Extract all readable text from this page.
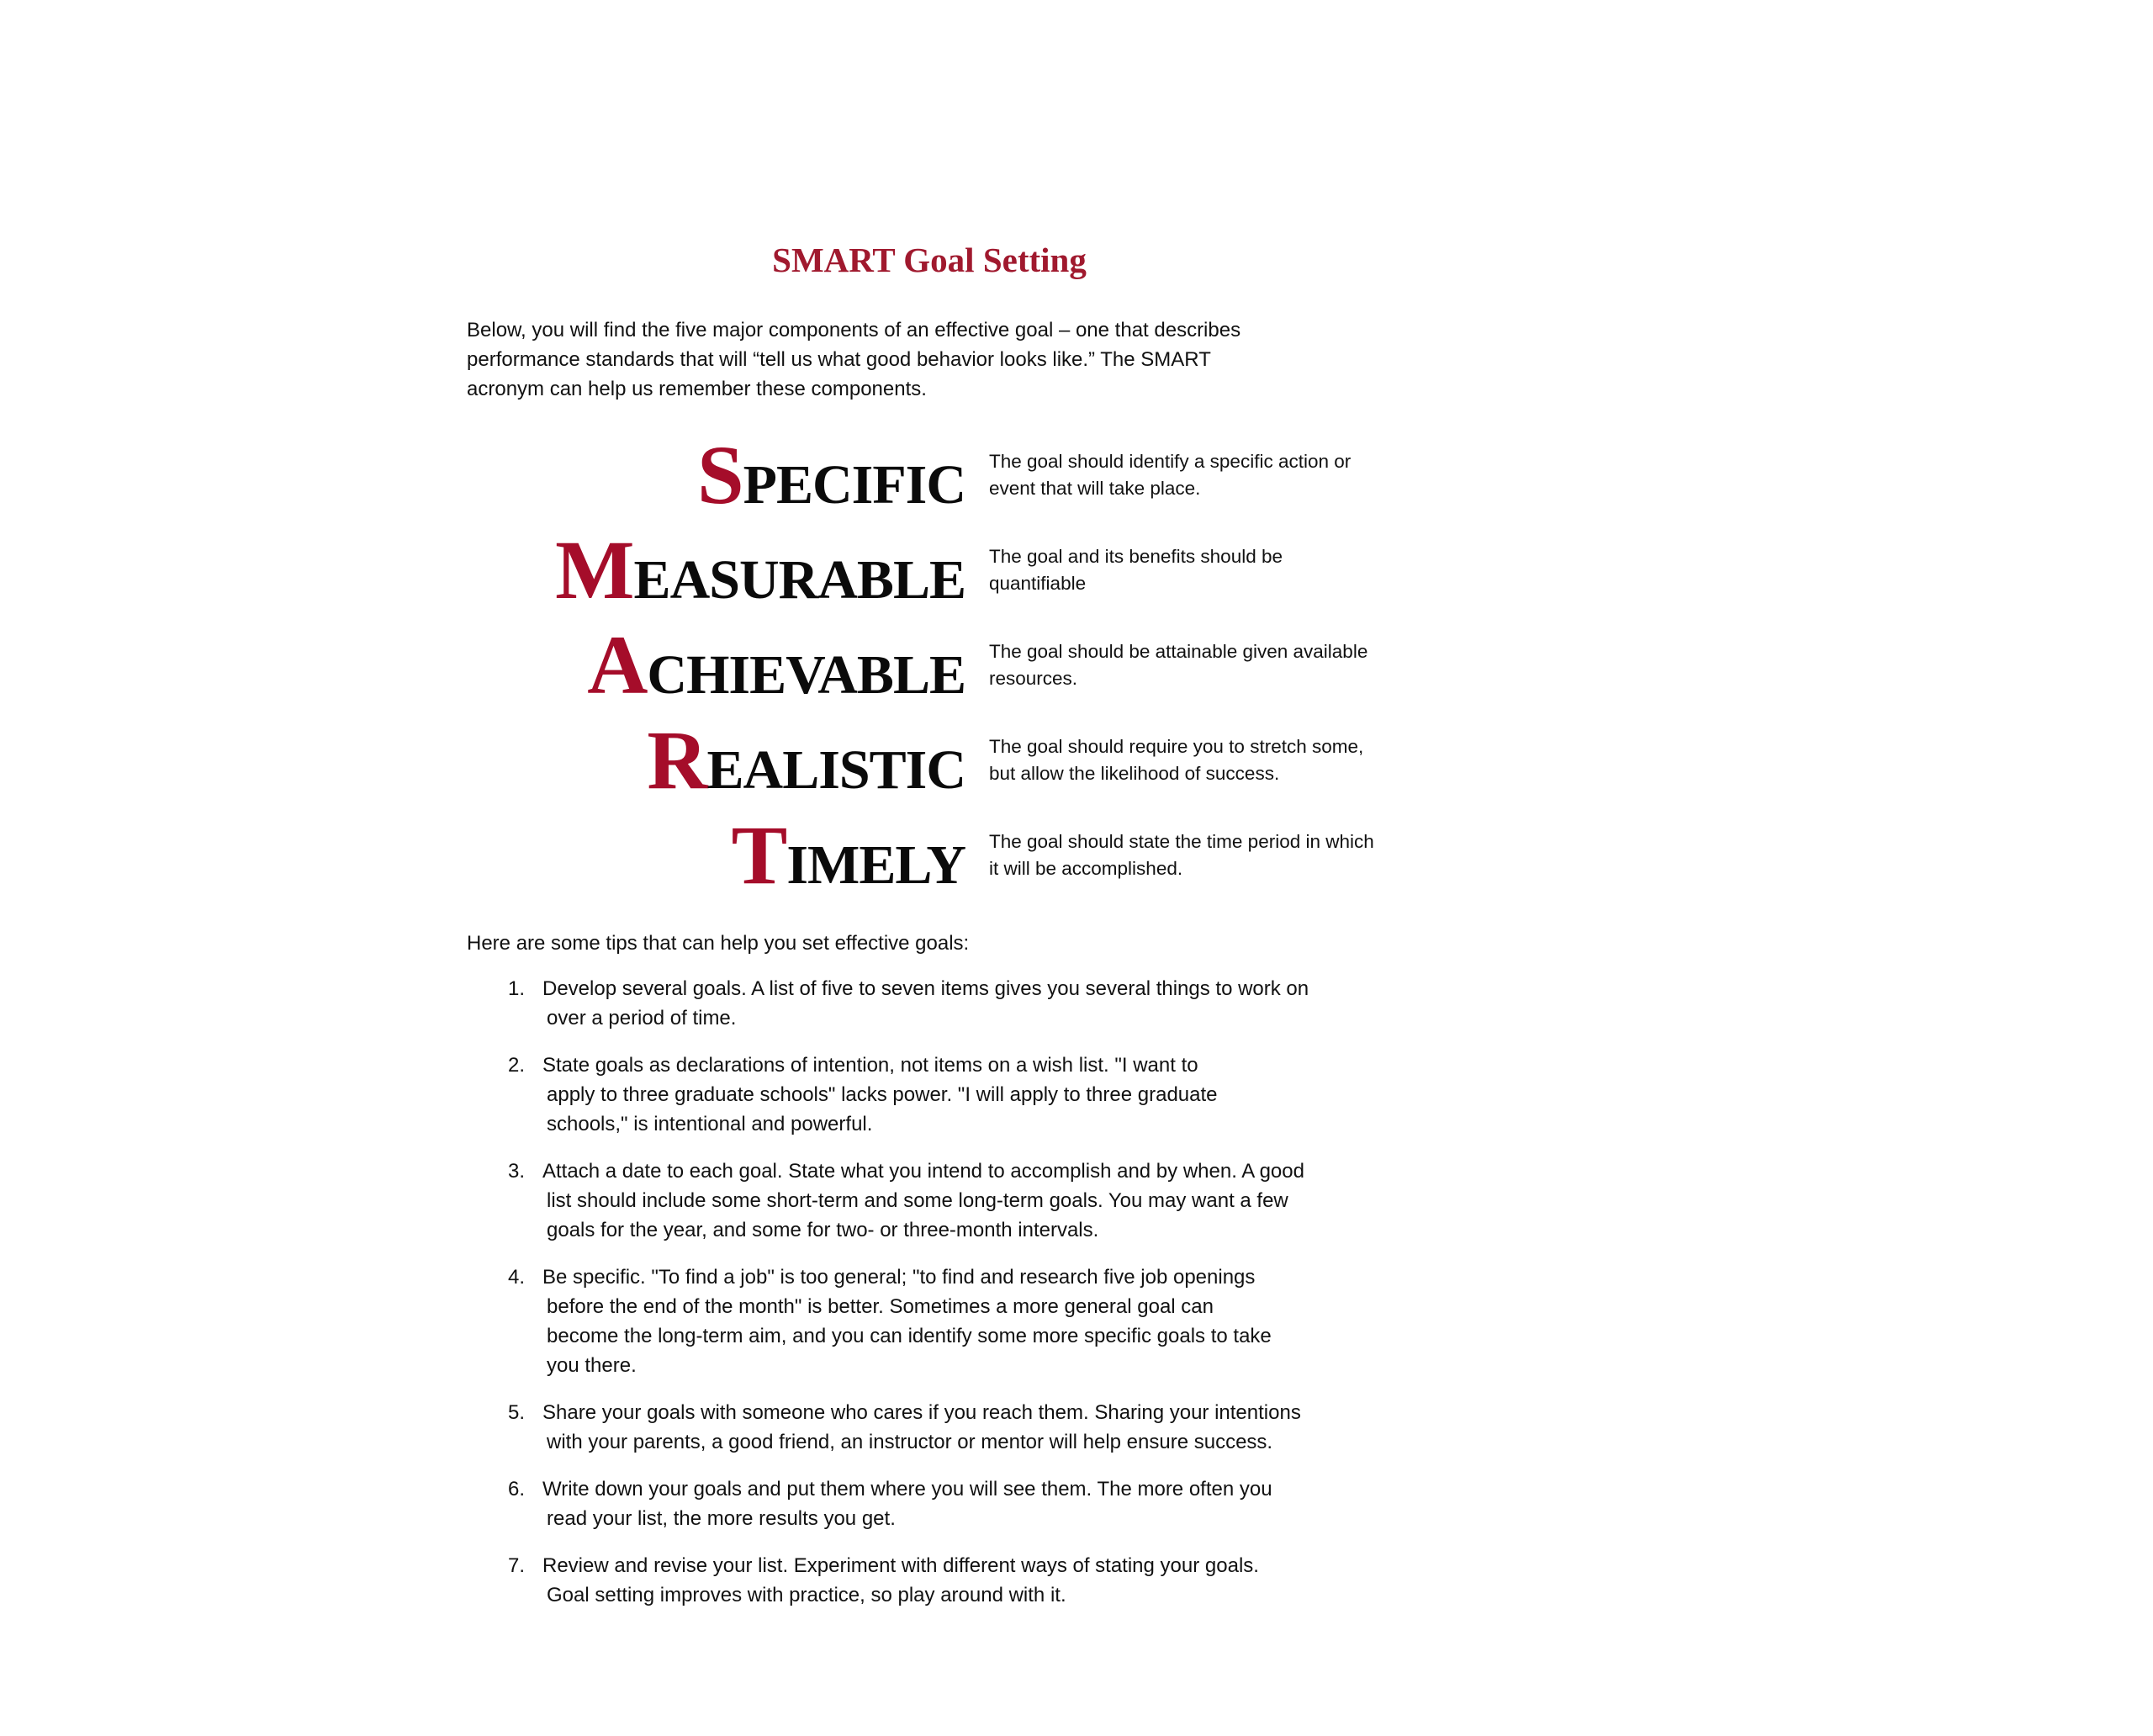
SMART Goal Setting
Below, you will find the five major components of an effective goal – one that describes
performance standards that will “tell us what good behavior looks like.” The SMART
acronym can help us remember these components.
SPECIFIC The goal should identify a specific action or
event that will take place.
MEASURABLE The goal and its benefits should be
quantifiable
ACHIEVABLE The goal should be attainable given available
resources.
REALISTIC The goal should require you to stretch some,
but allow the likelihood of success.
TIMELY The goal should state the time period in which
it will be accomplished.
Here are some tips that can help you set effective goals:
1. Develop several goals. A list of five to seven items gives you several things to work on
over a period of time.
2. State goals as declarations of intention, not items on a wish list. "I want to
apply to three graduate schools" lacks power. "I will apply to three graduate
schools," is intentional and powerful.
3. Attach a date to each goal. State what you intend to accomplish and by when. A good
list should include some short-term and some long-term goals. You may want a few
goals for the year, and some for two- or three-month intervals.
4. Be specific. "To find a job" is too general; "to find and research five job openings
before the end of the month" is better. Sometimes a more general goal can
become the long-term aim, and you can identify some more specific goals to take
you there.
5. Share your goals with someone who cares if you reach them. Sharing your intentions
with your parents, a good friend, an instructor or mentor will help ensure success.
6. Write down your goals and put them where you will see them. The more often you
read your list, the more results you get.
7. Review and revise your list. Experiment with different ways of stating your goals.
Goal setting improves with practice, so play around with it.
